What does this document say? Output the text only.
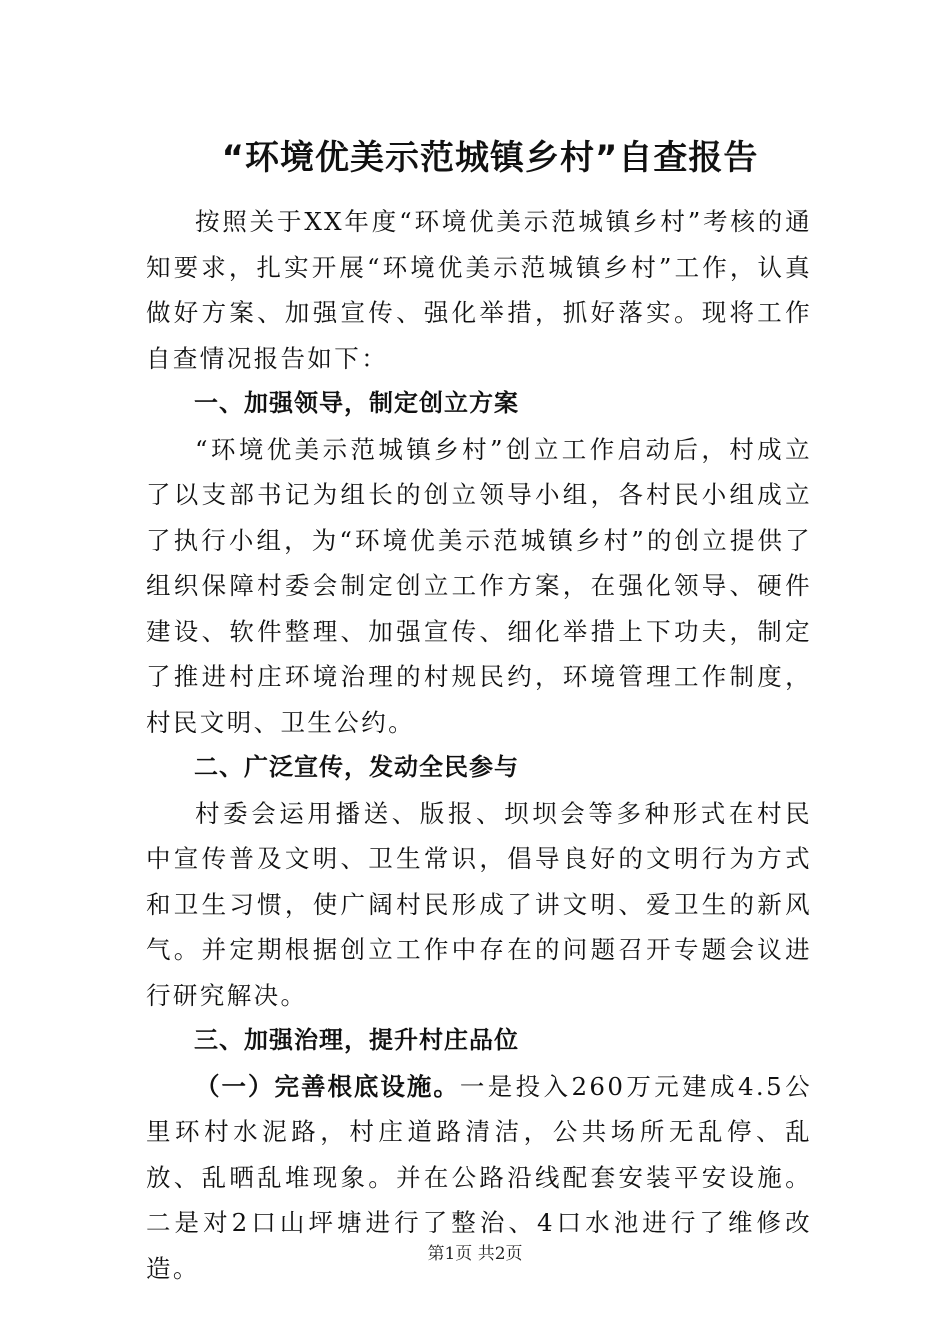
“环境优美示范城镇乡村”自查报告

按照关于XX年度“环境优美示范城镇乡村”考核的通知要求，扎实开展“环境优美示范城镇乡村”工作，认真做好方案、加强宣传、强化举措，抓好落实。现将工作自查情况报告如下：

一、加强领导，制定创立方案

“环境优美示范城镇乡村”创立工作启动后，村成立了以支部书记为组长的创立领导小组，各村民小组成立了执行小组，为“环境优美示范城镇乡村”的创立提供了组织保障村委会制定创立工作方案，在强化领导、硬件建设、软件整理、加强宣传、细化举措上下功夫，制定了推进村庄环境治理的村规民约，环境管理工作制度，村民文明、卫生公约。

二、广泛宣传，发动全民参与

村委会运用播送、版报、坝坝会等多种形式在村民中宣传普及文明、卫生常识，倡导良好的文明行为方式和卫生习惯，使广阔村民形成了讲文明、爱卫生的新风气。并定期根据创立工作中存在的问题召开专题会议进行研究解决。

三、加强治理，提升村庄品位

（一）完善根底设施。一是投入260万元建成4.5公里环村水泥路，村庄道路清洁，公共场所无乱停、乱放、乱晒乱堆现象。并在公路沿线配套安装平安设施。二是对2口山坪塘进行了整治、4口水池进行了维修改造。	第1页 共2页
